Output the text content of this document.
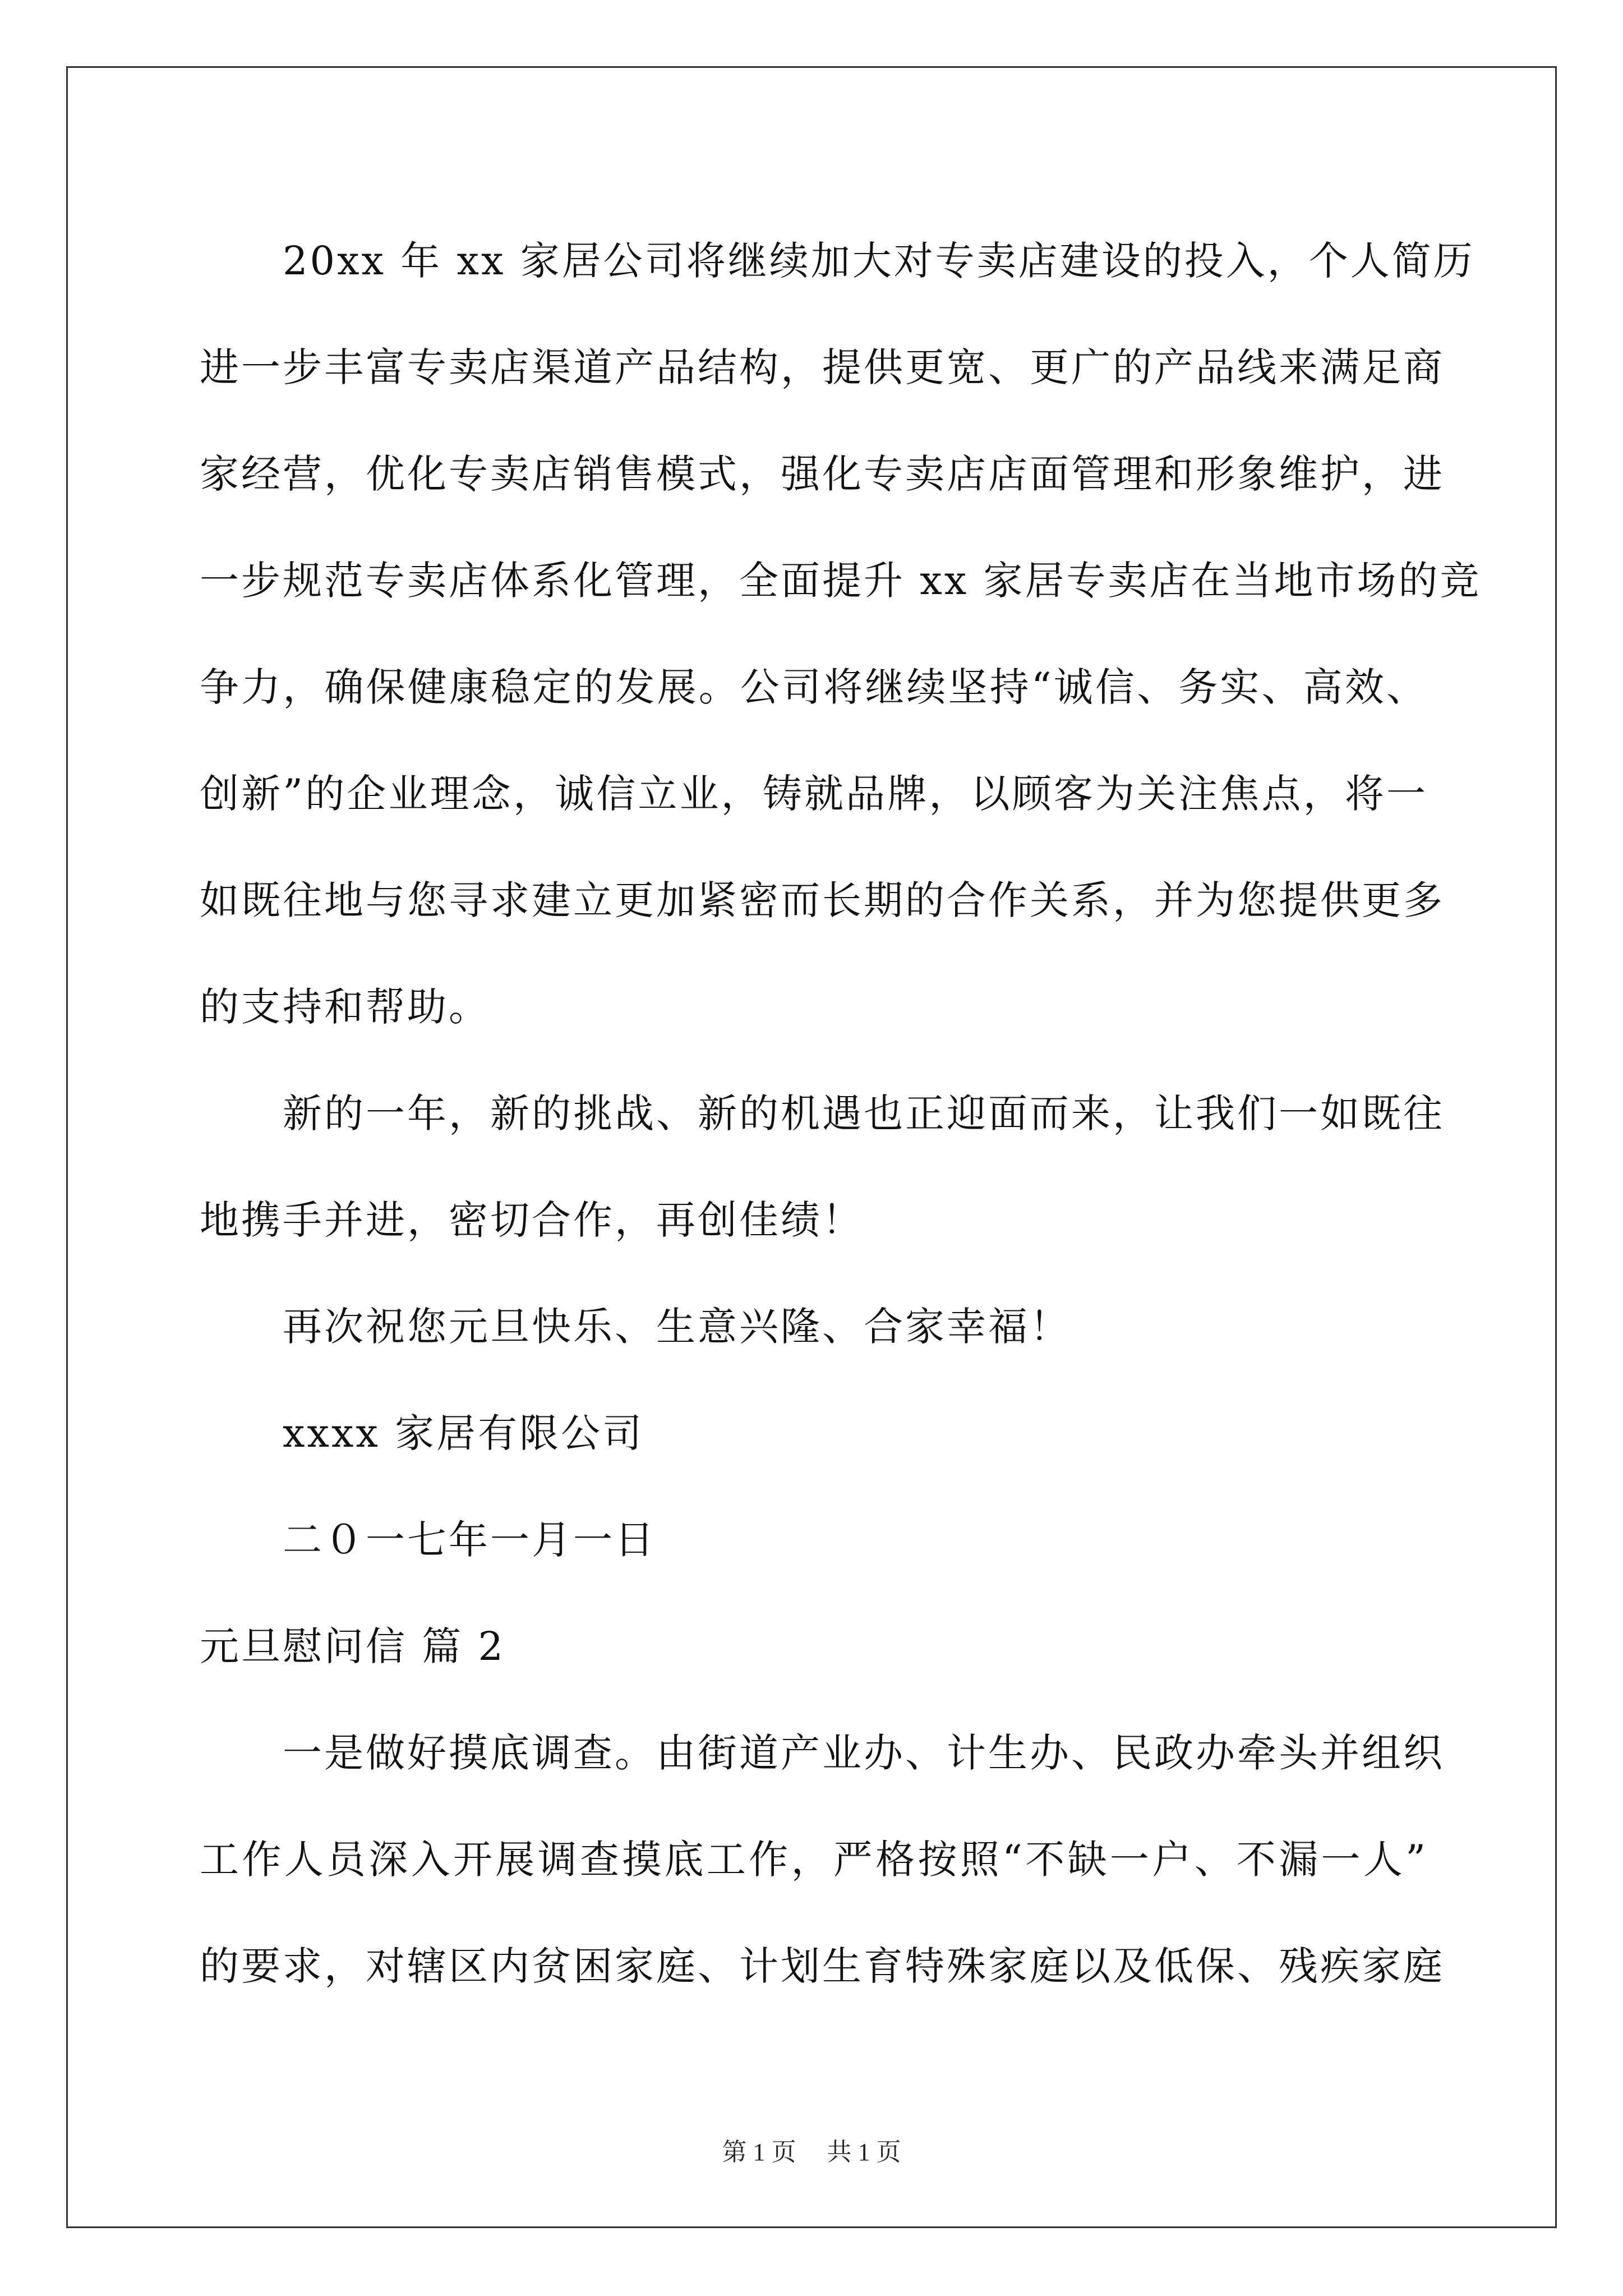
20xx 年 xx 家居公司将继续加大对专卖店建设的投入，个人简历
进一步丰富专卖店渠道产品结构，提供更宽、更广的产品线来满足商
家经营，优化专卖店销售模式，强化专卖店店面管理和形象维护，进
一步规范专卖店体系化管理，全面提升 xx 家居专卖店在当地市场的竞
争力，确保健康稳定的发展。公司将继续坚持“诚信、务实、高效、
创新”的企业理念，诚信立业，铸就品牌，以顾客为关注焦点，将一
如既往地与您寻求建立更加紧密而长期的合作关系，并为您提供更多
的支持和帮助。
新的一年，新的挑战、新的机遇也正迎面而来，让我们一如既往
地携手并进，密切合作，再创佳绩！
再次祝您元旦快乐、生意兴隆、合家幸福！
xxxx 家居有限公司
二０一七年一月一日
元旦慰问信 篇 2
一是做好摸底调查。由街道产业办、计生办、民政办牵头并组织
工作人员深入开展调查摸底工作，严格按照“不缺一户、不漏一人”
的要求，对辖区内贫困家庭、计划生育特殊家庭以及低保、残疾家庭
第 1 页 共 1 页
